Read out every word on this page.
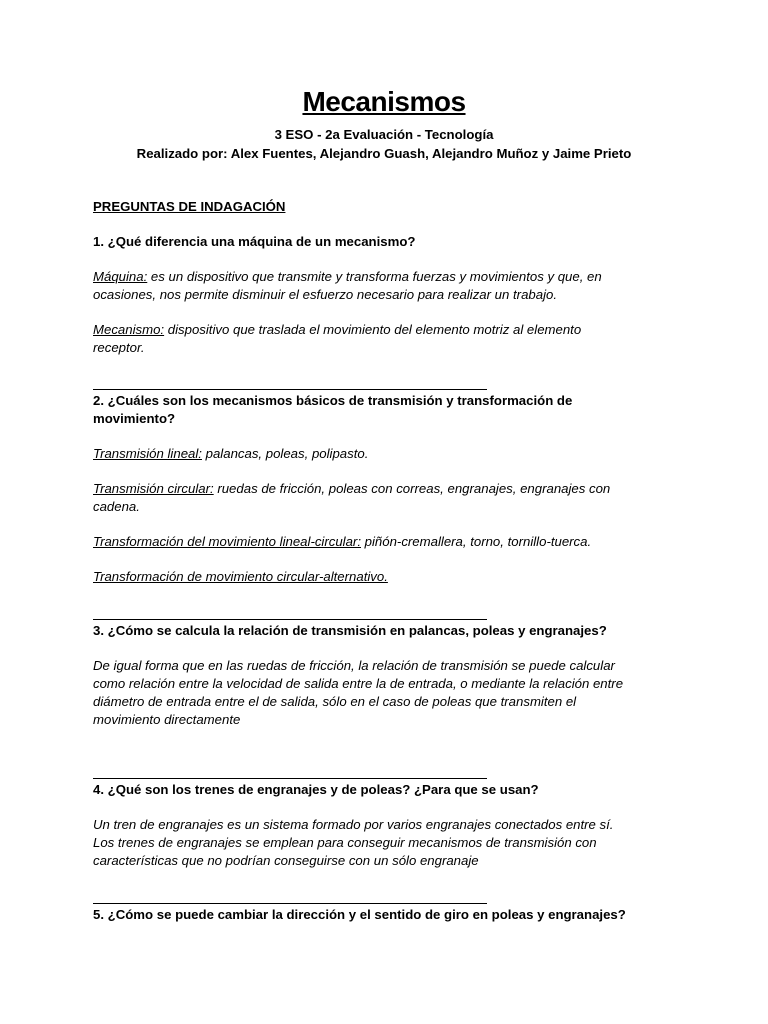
Mecanismos
3 ESO - 2a Evaluación - Tecnología
Realizado por: Alex Fuentes, Alejandro Guash, Alejandro Muñoz y Jaime Prieto
PREGUNTAS DE INDAGACIÓN
1. ¿Qué diferencia una máquina de un mecanismo?
Máquina: es un dispositivo que transmite y transforma fuerzas y movimientos y que, en
ocasiones, nos permite disminuir el esfuerzo necesario para realizar un trabajo.
Mecanismo: dispositivo que traslada el movimiento del elemento motriz al elemento
receptor.
2. ¿Cuáles son los mecanismos básicos de transmisión y transformación de
movimiento?
Transmisión lineal: palancas, poleas, polipasto.
Transmisión circular: ruedas de fricción, poleas con correas, engranajes, engranajes con
cadena.
Transformación del movimiento lineal-circular: piñón-cremallera, torno, tornillo-tuerca.
Transformación de movimiento circular-alternativo.
3. ¿Cómo se calcula la relación de transmisión en palancas, poleas y engranajes?
De igual forma que en las ruedas de fricción, la relación de transmisión se puede calcular
como relación entre la velocidad de salida entre la de entrada, o mediante la relación entre
diámetro de entrada entre el de salida, sólo en el caso de poleas que transmiten el
movimiento directamente
4. ¿Qué son los trenes de engranajes y de poleas? ¿Para que se usan?
Un tren de engranajes es un sistema formado por varios engranajes conectados entre sí.
Los trenes de engranajes se emplean para conseguir mecanismos de transmisión con
características que no podrían conseguirse con un sólo engranaje
5. ¿Cómo se puede cambiar la dirección y el sentido de giro en poleas y engranajes?
